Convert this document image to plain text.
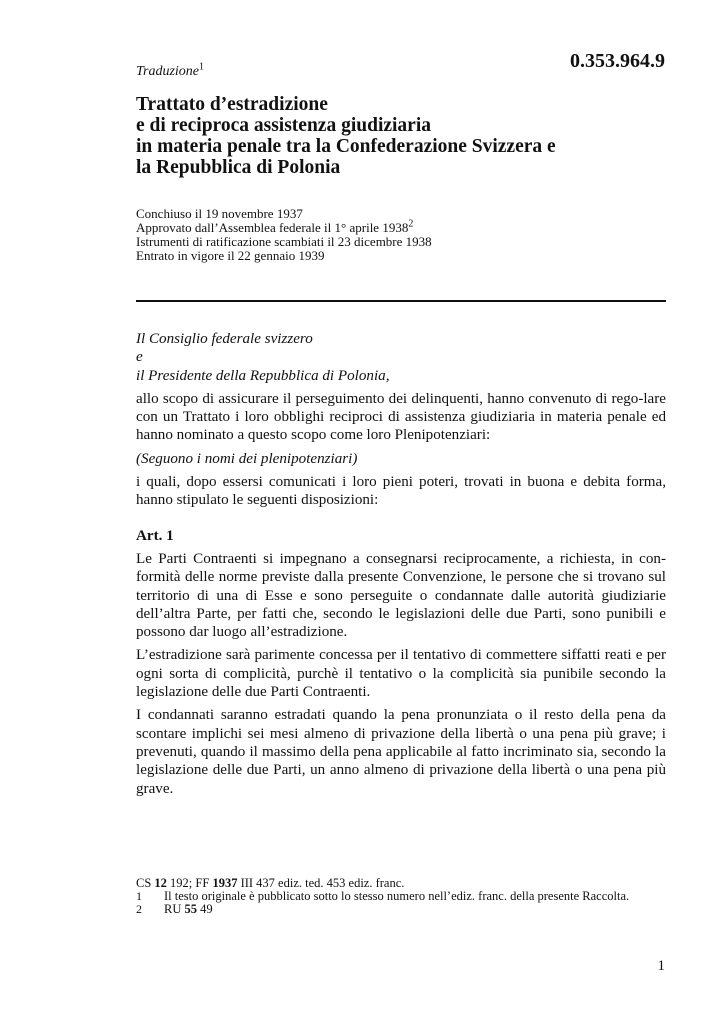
0.353.964.9
Traduzione$^1$
Trattato d’estradizione
e di reciproca assistenza giudiziaria
in materia penale tra la Confederazione Svizzera e
la Repubblica di Polonia
Conchiuso il 19 novembre 1937
Approvato dall’Assemblea federale il 1° aprile 1938$^2$
Istrumenti di ratificazione scambiati il 23 dicembre 1938
Entrato in vigore il 22 gennaio 1939
Il Consiglio federale svizzero
e
il Presidente della Repubblica di Polonia,

allo scopo di assicurare il perseguimento dei delinquenti, hanno convenuto di rego-lare con un Trattato i loro obblighi reciproci di assistenza giudiziaria in materia penale ed hanno nominato a questo scopo come loro Plenipotenziari:

(Seguono i nomi dei plenipotenziari)

i quali, dopo essersi comunicati i loro pieni poteri, trovati in buona e debita forma, hanno stipulato le seguenti disposizioni:

Art. 1

Le Parti Contraenti si impegnano a consegnarsi reciprocamente, a richiesta, in con-formità delle norme previste dalla presente Convenzione, le persone che si trovano sul territorio di una di Esse e sono perseguite o condannate dalle autorità giudiziarie dell’altra Parte, per fatti che, secondo le legislazioni delle due Parti, sono punibili e possono dar luogo all’estradizione.

L’estradizione sarà parimente concessa per il tentativo di commettere siffatti reati e per ogni sorta di complicità, purchè il tentativo o la complicità sia punibile secondo la legislazione delle due Parti Contraenti.

I condannati saranno estradati quando la pena pronunziata o il resto della pena da scontare implichi sei mesi almeno di privazione della libertà o una pena più grave; i prevenuti, quando il massimo della pena applicabile al fatto incriminato sia, secondo la legislazione delle due Parti, un anno almeno di privazione della libertà o una pena più grave.

CS 12 192; FF 1937 III 437 ediz. ted. 453 ediz. franc.
1	Il testo originale è pubblicato sotto lo stesso numero nell’ediz. franc. della presente Raccolta.
2	RU 55 49
1
